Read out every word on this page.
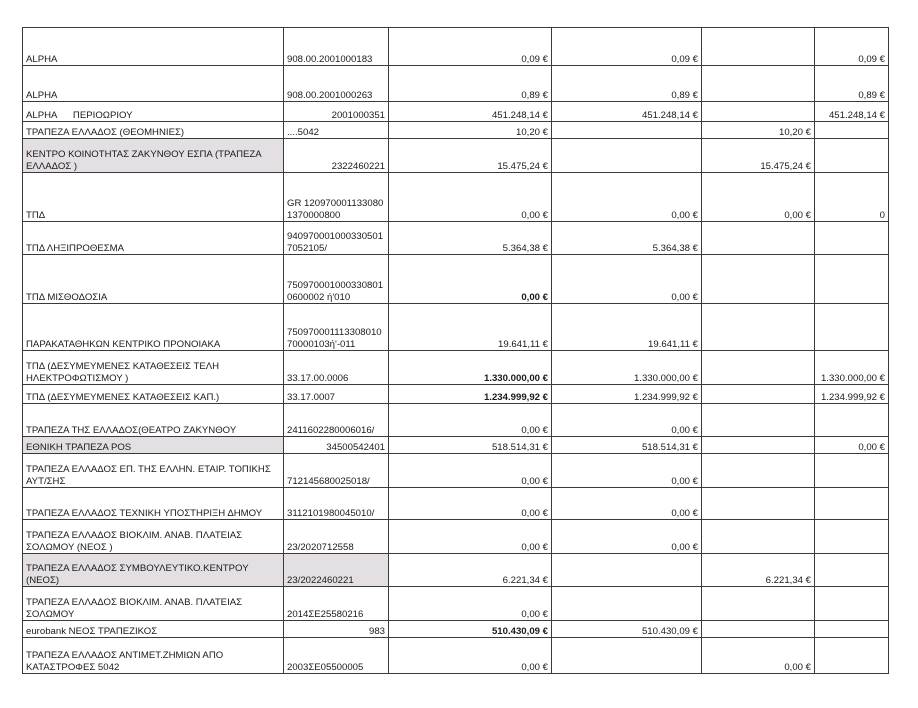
ALPHA	908.00.2001000183	0,09 €	0,09 €		0,09 €
ALPHA	908.00.2001000263	0,89 €	0,89 €		0,89 €
ALPHA      ΠΕΡΙΟΩΡΙΟΥ	2001000351	451.248,14 €	451.248,14 €		451.248,14 €
ΤΡΑΠΕΖΑ ΕΛΛΑΔΟΣ (ΘΕΟΜΗΝΙΕΣ)	....5042	10,20 €		10,20 €	
ΚΕΝΤΡΟ ΚΟΙΝΟΤΗΤΑΣ ΖΑΚΥΝΘΟΥ ΕΣΠΑ (ΤΡΑΠΕΖΑ ΕΛΛΑΔΟΣ )	2322460221	15.475,24 €		15.475,24 €	
ΤΠΔ	GR 1209700011330801370000800	0,00 €	0,00 €	0,00 €	0
ΤΠΔ ΛΗΞΙΠΡΟΘΕΣΜΑ	9409700010003305017052105/	5.364,38 €	5.364,38 €		
ΤΠΔ ΜΙΣΘΟΔΟΣΙΑ	7509700010003308010600002 ή'010	0,00 €	0,00 €		
ΠΑΡΑΚΑΤΑΘΗΚΩΝ ΚΕΝΤΡΙΚΟ ΠΡΟΝΟΙΑΚΑ	75097000111330801070000103ή'-011	19.641,11 €	19.641,11 €		
ΤΠΔ (ΔΕΣΥΜΕΥΜΕΝΕΣ ΚΑΤΑΘΕΣΕΙΣ ΤΕΛΗ ΗΛΕΚΤΡΟΦΩΤΙΣΜΟΥ )	33.17.00.0006	1.330.000,00 €	1.330.000,00 €		1.330.000,00 €
ΤΠΔ (ΔΕΣΥΜΕΥΜΕΝΕΣ ΚΑΤΑΘΕΣΕΙΣ ΚΑΠ.)	33.17.0007	1.234.999,92 €	1.234.999,92 €		1.234.999,92 €
ΤΡΑΠΕΖΑ ΤΗΣ ΕΛΛΑΔΟΣ(ΘΕΑΤΡΟ ΖΑΚΥΝΘΟΥ	2411602280006016/	0,00 €	0,00 €		
ΕΘΝΙΚΗ ΤΡΑΠΕΖΑ POS	34500542401	518.514,31 €	518.514,31 €		0,00 €
ΤΡΑΠΕΖΑ ΕΛΛΑΔΟΣ ΕΠ. ΤΗΣ ΕΛΛΗΝ. ΕΤΑΙΡ. ΤΟΠΙΚΗΣ ΑΥΤ/ΣΗΣ	712145680025018/	0,00 €	0,00 €		
ΤΡΑΠΕΖΑ ΕΛΛΑΔΟΣ ΤΕΧΝΙΚΗ ΥΠΟΣΤΗΡΙΞΗ ΔΗΜΟΥ	3112101980045010/	0,00 €	0,00 €		
ΤΡΑΠΕΖΑ ΕΛΛΑΔΟΣ ΒΙΟΚΛΙΜ. ΑΝΑΒ. ΠΛΑΤΕΙΑΣ ΣΟΛΩΜΟΥ (ΝΕΟΣ )	23/2020712558	0,00 €	0,00 €		
ΤΡΑΠΕΖΑ ΕΛΛΑΔΟΣ ΣΥΜΒΟΥΛΕΥΤΙΚΟ.ΚΕΝΤΡΟΥ (ΝΕΟΣ)	23/2022460221	6.221,34 €		6.221,34 €	
ΤΡΑΠΕΖΑ ΕΛΛΑΔΟΣ ΒΙΟΚΛΙΜ. ΑΝΑΒ. ΠΛΑΤΕΙΑΣ ΣΟΛΩΜΟΥ	2014ΣΕ25580216	0,00 €			
eurobank ΝΕΟΣ ΤΡΑΠΕΖΙΚΟΣ	983	510.430,09 €	510.430,09 €		
ΤΡΑΠΕΖΑ ΕΛΛΑΔΟΣ ΑΝΤΙΜΕΤ.ΖΗΜΙΩΝ ΑΠΟ ΚΑΤΑΣΤΡΟΦΕΣ 5042	2003ΣΕ05500005	0,00 €		0,00 €	
